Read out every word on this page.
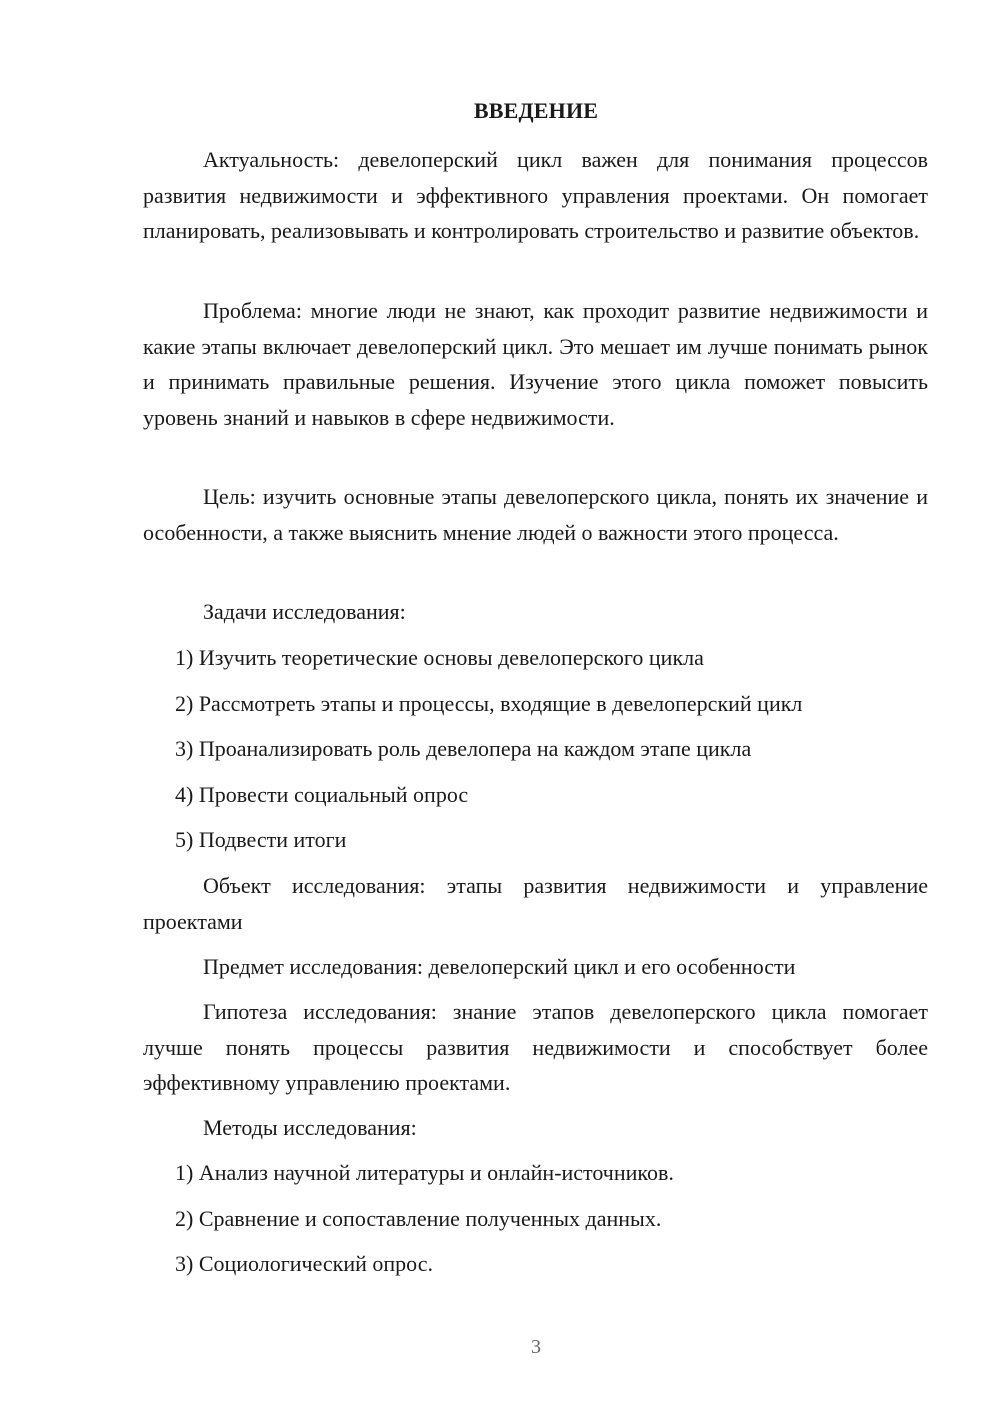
ВВЕДЕНИЕ

Актуальность: девелоперский цикл важен для понимания процессов развития недвижимости и эффективного управления проектами. Он помогает планировать, реализовывать и контролировать строительство и развитие объектов.

Проблема: многие люди не знают, как проходит развитие недвижимости и какие этапы включает девелоперский цикл. Это мешает им лучше понимать рынок и принимать правильные решения. Изучение этого цикла поможет повысить уровень знаний и навыков в сфере недвижимости.

Цель: изучить основные этапы девелоперского цикла, понять их значение и особенности, а также выяснить мнение людей о важности этого процесса.

Задачи исследования:

1) Изучить теоретические основы девелоперского цикла

2) Рассмотреть этапы и процессы, входящие в девелоперский цикл

3) Проанализировать роль девелопера на каждом этапе цикла

4) Провести социальный опрос

5) Подвести итоги

Объект исследования: этапы развития недвижимости и управление проектами

Предмет исследования: девелоперский цикл и его особенности

Гипотеза исследования: знание этапов девелоперского цикла помогает лучше понять процессы развития недвижимости и способствует более эффективному управлению проектами.

Методы исследования:

1) Анализ научной литературы и онлайн-источников.

2) Сравнение и сопоставление полученных данных.

3) Социологический опрос.

3
